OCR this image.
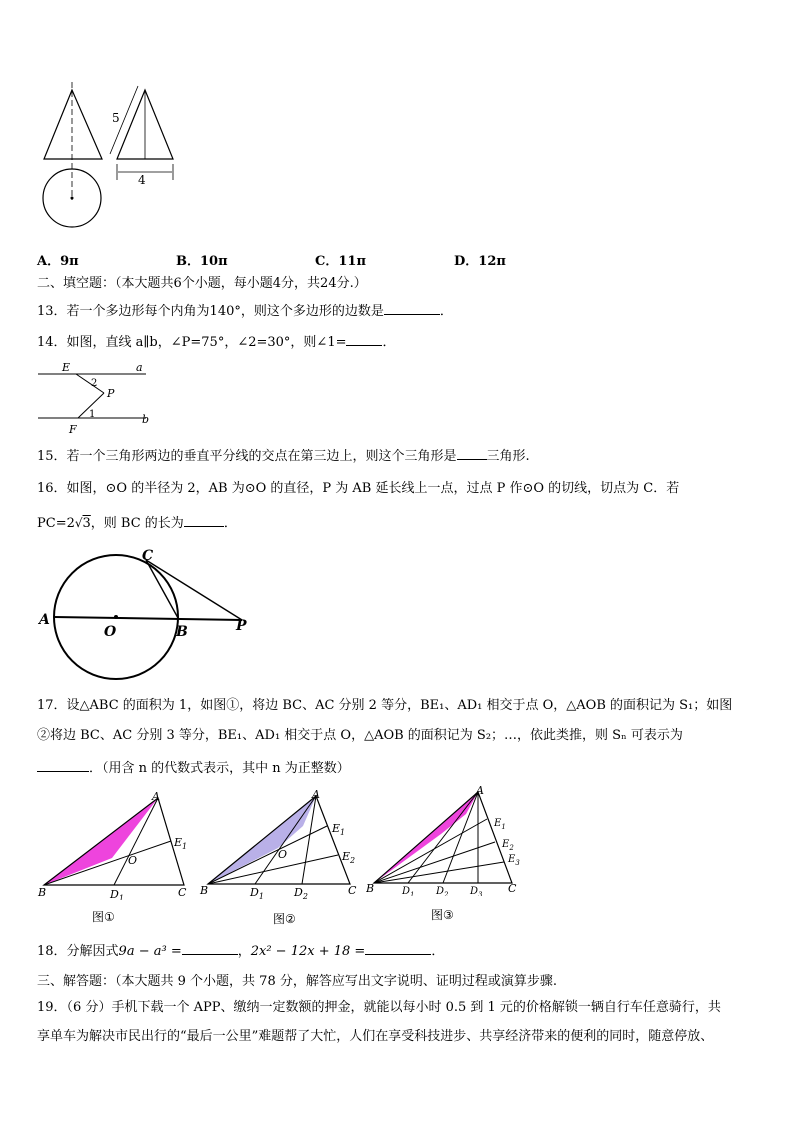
5
4
A．9π	B．10π	C．11π	D．12π
二、填空题：（本大题共6个小题，每小题4分，共24分.）
13．若一个多边形每个内角为140°，则这个多边形的边数是	．
14．如图，直线 a∥b，∠P=75°，∠2=30°，则∠1=	．
E
2
P
a
1	b
F
15．若一个三角形两边的垂直平分线的交点在第三边上，则这个三角形是 三角形.
16．如图，⊙O 的半径为 2，AB 为⊙O 的直径，P 为 AB 延长线上一点，过点 P 作⊙O 的切线，切点为 C．若
PC=2√3，则 BC 的长为	．
C
A
O	B	P
17．设△ABC 的面积为 1，如图①，将边 BC、AC 分别 2 等分，BE₁、AD₁ 相交于点 O，△AOB 的面积记为 S₁；如图
②将边 BC、AC 分别 3 等分，BE₁、AD₁ 相交于点 O，△AOB 的面积记为 S₂；…，依此类推，则 Sₙ 可表示为
．（用含 n 的代数式表示，其中 n 为正整数）
A
$E_1$
O
B	$D_1$	C
图①
A
$E_1$
$E_2$
O
B	$D_1$	$D_2$	C
图②
A
$E_1$
$E_2$
$E_3$
B	$D_1$ $D_2$ $D_3$ C
图③
18．分解因式9a − a³ =	，2x² − 12x + 18 =	．
三、解答题：（本大题共 9 个小题，共 78 分，解答应写出文字说明、证明过程或演算步骤.
19．（6 分）手机下载一个 APP、缴纳一定数额的押金，就能以每小时 0.5 到 1 元的价格解锁一辆自行车任意骑行，共
享单车为解决市民出行的“最后一公里”难题帮了大忙，人们在享受科技进步、共享经济带来的便利的同时，随意停放、
